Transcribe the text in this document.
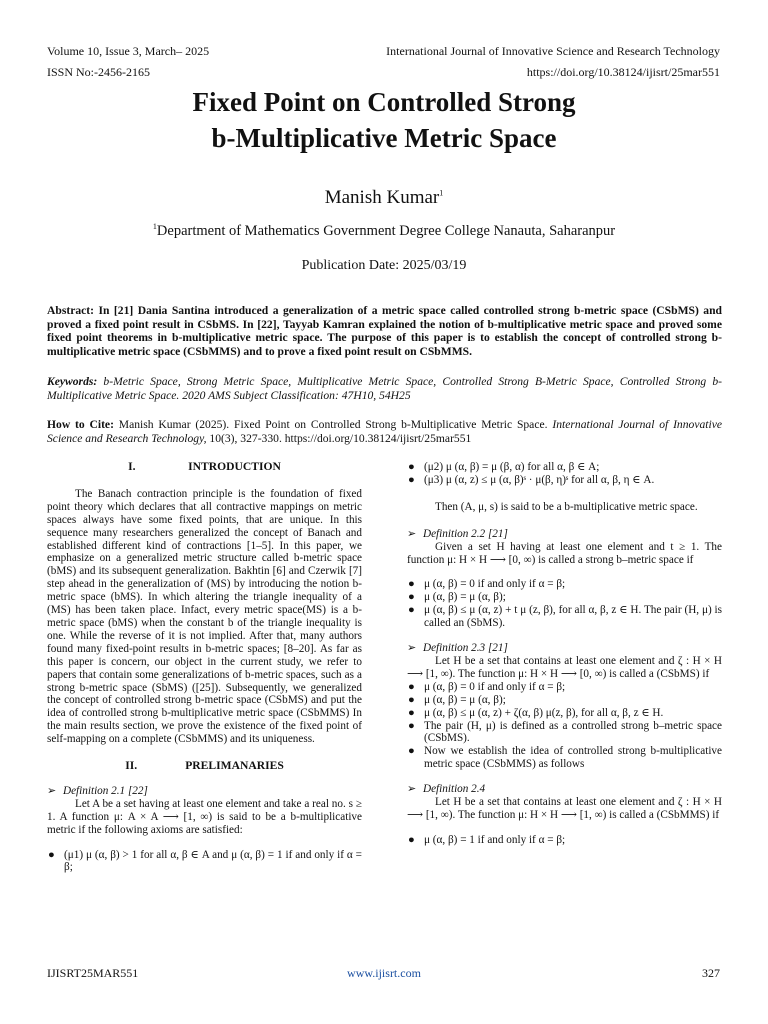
Volume 10, Issue 3, March– 2025	International Journal of Innovative Science and Research Technology
ISSN No:-2456-2165	https://doi.org/10.38124/ijisrt/25mar551
Fixed Point on Controlled Strong
b-Multiplicative Metric Space
Manish Kumar$^1$
$^1$Department of Mathematics Government Degree College Nanauta, Saharanpur
Publication Date: 2025/03/19
Abstract: In [21] Dania Santina introduced a generalization of a metric space called controlled strong b-metric space (CSbMS) and proved a fixed point result in CSbMS. In [22], Tayyab Kamran explained the notion of b-multiplicative metric space and proved some fixed point theorems in b-multiplicative metric space. The purpose of this paper is to establish the concept of controlled strong b-multiplicative metric space (CSbMMS) and to prove a fixed point result on CSbMMS.
Keywords: b-Metric Space, Strong Metric Space, Multiplicative Metric Space, Controlled Strong B-Metric Space, Controlled Strong b-Multiplicative Metric Space. 2020 AMS Subject Classification: 47H10, 54H25
How to Cite: Manish Kumar (2025). Fixed Point on Controlled Strong b-Multiplicative Metric Space. International Journal of Innovative Science and Research Technology, 10(3), 327-330. https://doi.org/10.38124/ijisrt/25mar551
I.	INTRODUCTION

The Banach contraction principle is the foundation of fixed point theory which declares that all contractive mappings on metric spaces always have some fixed points, that are unique. In this sequence many researchers generalized the concept of Banach and established different kind of contractions [1–5]. In this paper, we emphasize on a generalized metric structure called b-metric space (bMS) and its subsequent generalization. Bakhtin [6] and Czerwik [7] step ahead in the generalization of (MS) by introducing the notion b-metric space (bMS). In which altering the triangle inequality of a (MS) has been taken place. Infact, every metric space(MS) is a b-metric space (bMS) when the constant b of the triangle inequality is one. While the reverse of it is not implied. After that, many authors found many fixed-point results in b-metric spaces; [8–20]. As far as this paper is concern, our object in the current study, we refer to papers that contain some generalizations of b-metric spaces, such as a strong b-metric space (SbMS) ([25]). Subsequently, we generalized the concept of controlled strong b-metric space (CSbMS) and put the idea of controlled strong b-multiplicative metric space (CSbMMS) In the main results section, we prove the existence of the fixed point of self-mapping on a complete (CSbMMS) and its uniqueness.

II.	PRELIMANARIES

➢ Definition 2.1 [22]

Let A be a set having at least one element and take a real no. s ≥ 1. A function μ: A × A ⟶ [1, ∞) is said to be a b-multiplicative metric if the following axioms are satisfied:

● (μ1) μ (α, β) > 1 for all α, β ∈ A and μ (α, β) = 1 if and only if α = β;
● (μ2) μ (α, β) = μ (β, α) for all α, β ∈ A;
● (μ3) μ (α, z) ≤ μ (α, β)ˢ · μ(β, η)ˢ for all α, β, η ∈ A.

Then (A, μ, s) is said to be a b-multiplicative metric space.

➢ Definition 2.2 [21]

Given a set H having at least one element and t ≥ 1. The function μ: H × H ⟶ [0, ∞) is called a strong b–metric space if

● μ (α, β) = 0 if and only if α = β;
● μ (α, β) = μ (α, β);
● μ (α, β) ≤ μ (α, z) + t μ (z, β), for all α, β, z ∈ H. The pair (H, μ) is called an (SbMS).

➢ Definition 2.3 [21]

Let H be a set that contains at least one element and ζ : H × H ⟶ [1, ∞). The function μ: H × H ⟶ [0, ∞) is called a (CSbMS) if

● μ (α, β) = 0 if and only if α = β;
● μ (α, β) = μ (α, β);
● μ (α, β) ≤ μ (α, z) + ζ(α, β) μ(z, β), for all α, β, z ∈ H.
● The pair (H, μ) is defined as a controlled strong b–metric space (CSbMS).
● Now we establish the idea of controlled strong b-multiplicative metric space (CSbMMS) as follows

➢ Definition 2.4

Let H be a set that contains at least one element and ζ : H × H ⟶ [1, ∞). The function μ: H × H ⟶ [1, ∞) is called a (CSbMMS) if

● μ (α, β) = 1 if and only if α = β;
IJISRT25MAR551	www.ijisrt.com	327
